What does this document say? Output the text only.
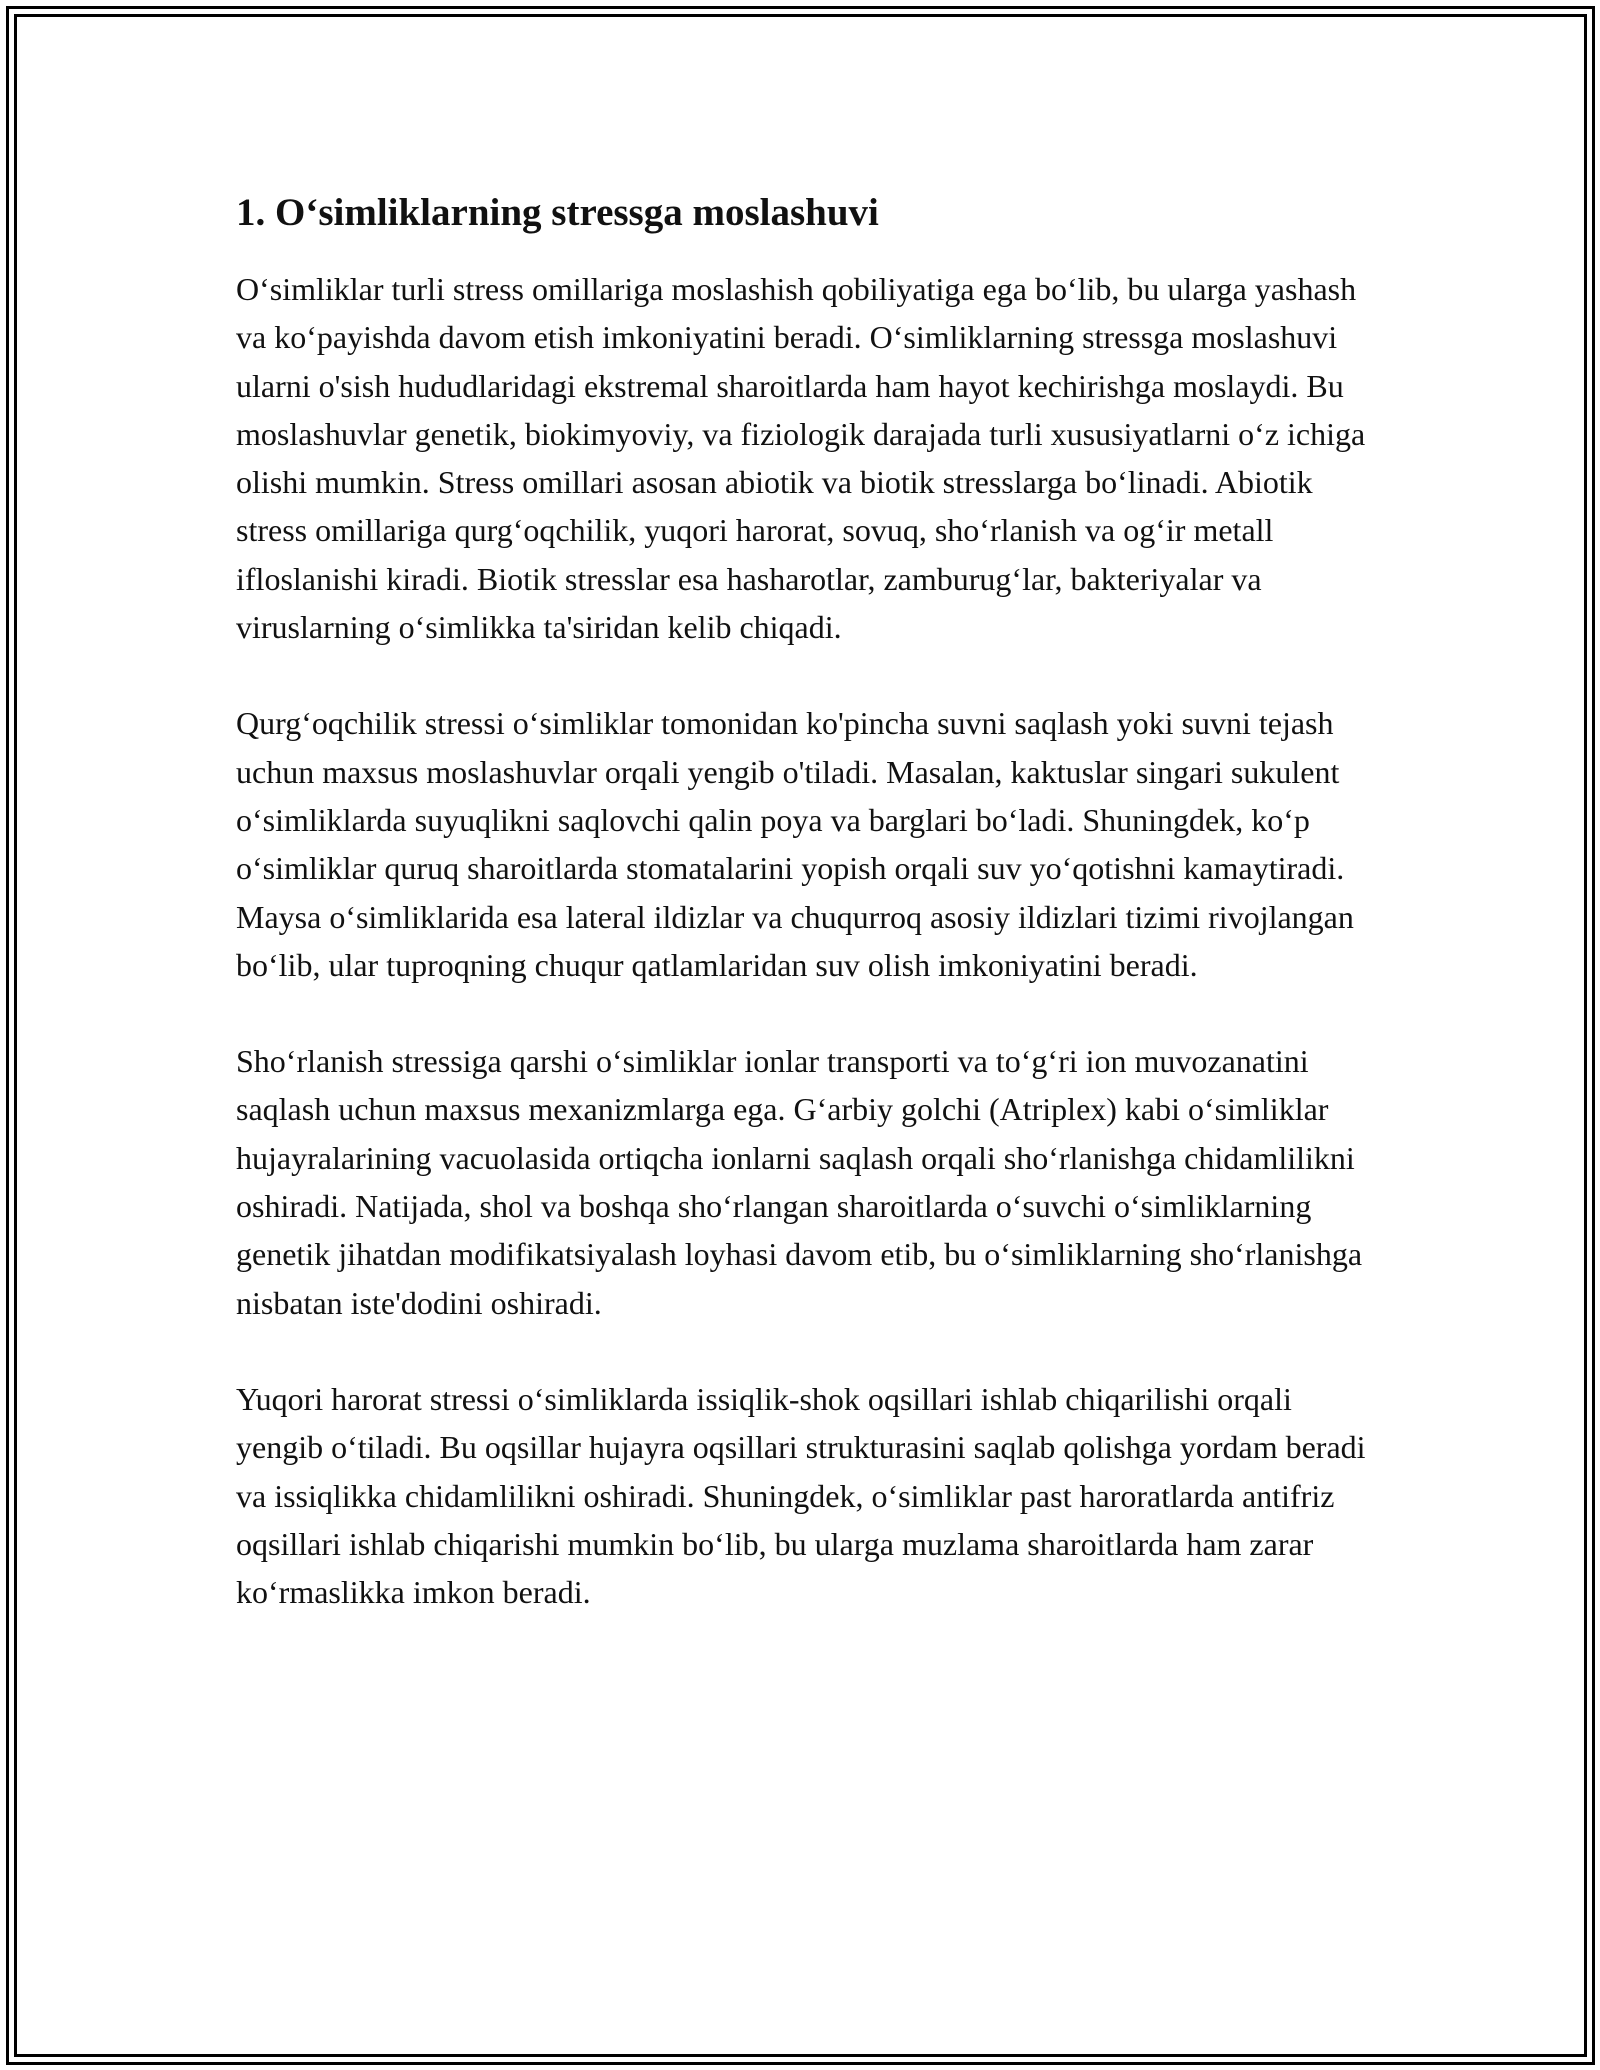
1. O‘simliklarning stressga moslashuvi

O‘simliklar turli stress omillariga moslashish qobiliyatiga ega bo‘lib, bu ularga yashash va ko‘payishda davom etish imkoniyatini beradi. O‘simliklarning stressga moslashuvi ularni o'sish hududlaridagi ekstremal sharoitlarda ham hayot kechirishga moslaydi. Bu moslashuvlar genetik, biokimyoviy, va fiziologik darajada turli xususiyatlarni o‘z ichiga olishi mumkin. Stress omillari asosan abiotik va biotik stresslarga bo‘linadi. Abiotik stress omillariga qurg‘oqchilik, yuqori harorat, sovuq, sho‘rlanish va og‘ir metall ifloslanishi kiradi. Biotik stresslar esa hasharotlar, zamburug‘lar, bakteriyalar va viruslarning o‘simlikka ta'siridan kelib chiqadi.

Qurg‘oqchilik stressi o‘simliklar tomonidan ko'pincha suvni saqlash yoki suvni tejash uchun maxsus moslashuvlar orqali yengib o'tiladi. Masalan, kaktuslar singari sukulent o‘simliklarda suyuqlikni saqlovchi qalin poya va barglari bo‘ladi. Shuningdek, ko‘p o‘simliklar quruq sharoitlarda stomatalarini yopish orqali suv yo‘qotishni kamaytiradi. Maysa o‘simliklarida esa lateral ildizlar va chuqurroq asosiy ildizlari tizimi rivojlangan bo‘lib, ular tuproqning chuqur qatlamlaridan suv olish imkoniyatini beradi.

Sho‘rlanish stressiga qarshi o‘simliklar ionlar transporti va to‘g‘ri ion muvozanatini saqlash uchun maxsus mexanizmlarga ega. G‘arbiy golchi (Atriplex) kabi o‘simliklar hujayralarining vacuolasida ortiqcha ionlarni saqlash orqali sho‘rlanishga chidamlilikni oshiradi. Natijada, shol va boshqa sho‘rlangan sharoitlarda o‘suvchi o‘simliklarning genetik jihatdan modifikatsiyalash loyhasi davom etib, bu o‘simliklarning sho‘rlanishga nisbatan iste'dodini oshiradi.

Yuqori harorat stressi o‘simliklarda issiqlik-shok oqsillari ishlab chiqarilishi orqali yengib o‘tiladi. Bu oqsillar hujayra oqsillari strukturasini saqlab qolishga yordam beradi va issiqlikka chidamlilikni oshiradi. Shuningdek, o‘simliklar past haroratlarda antifriz oqsillari ishlab chiqarishi mumkin bo‘lib, bu ularga muzlama sharoitlarda ham zarar ko‘rmaslikka imkon beradi.
